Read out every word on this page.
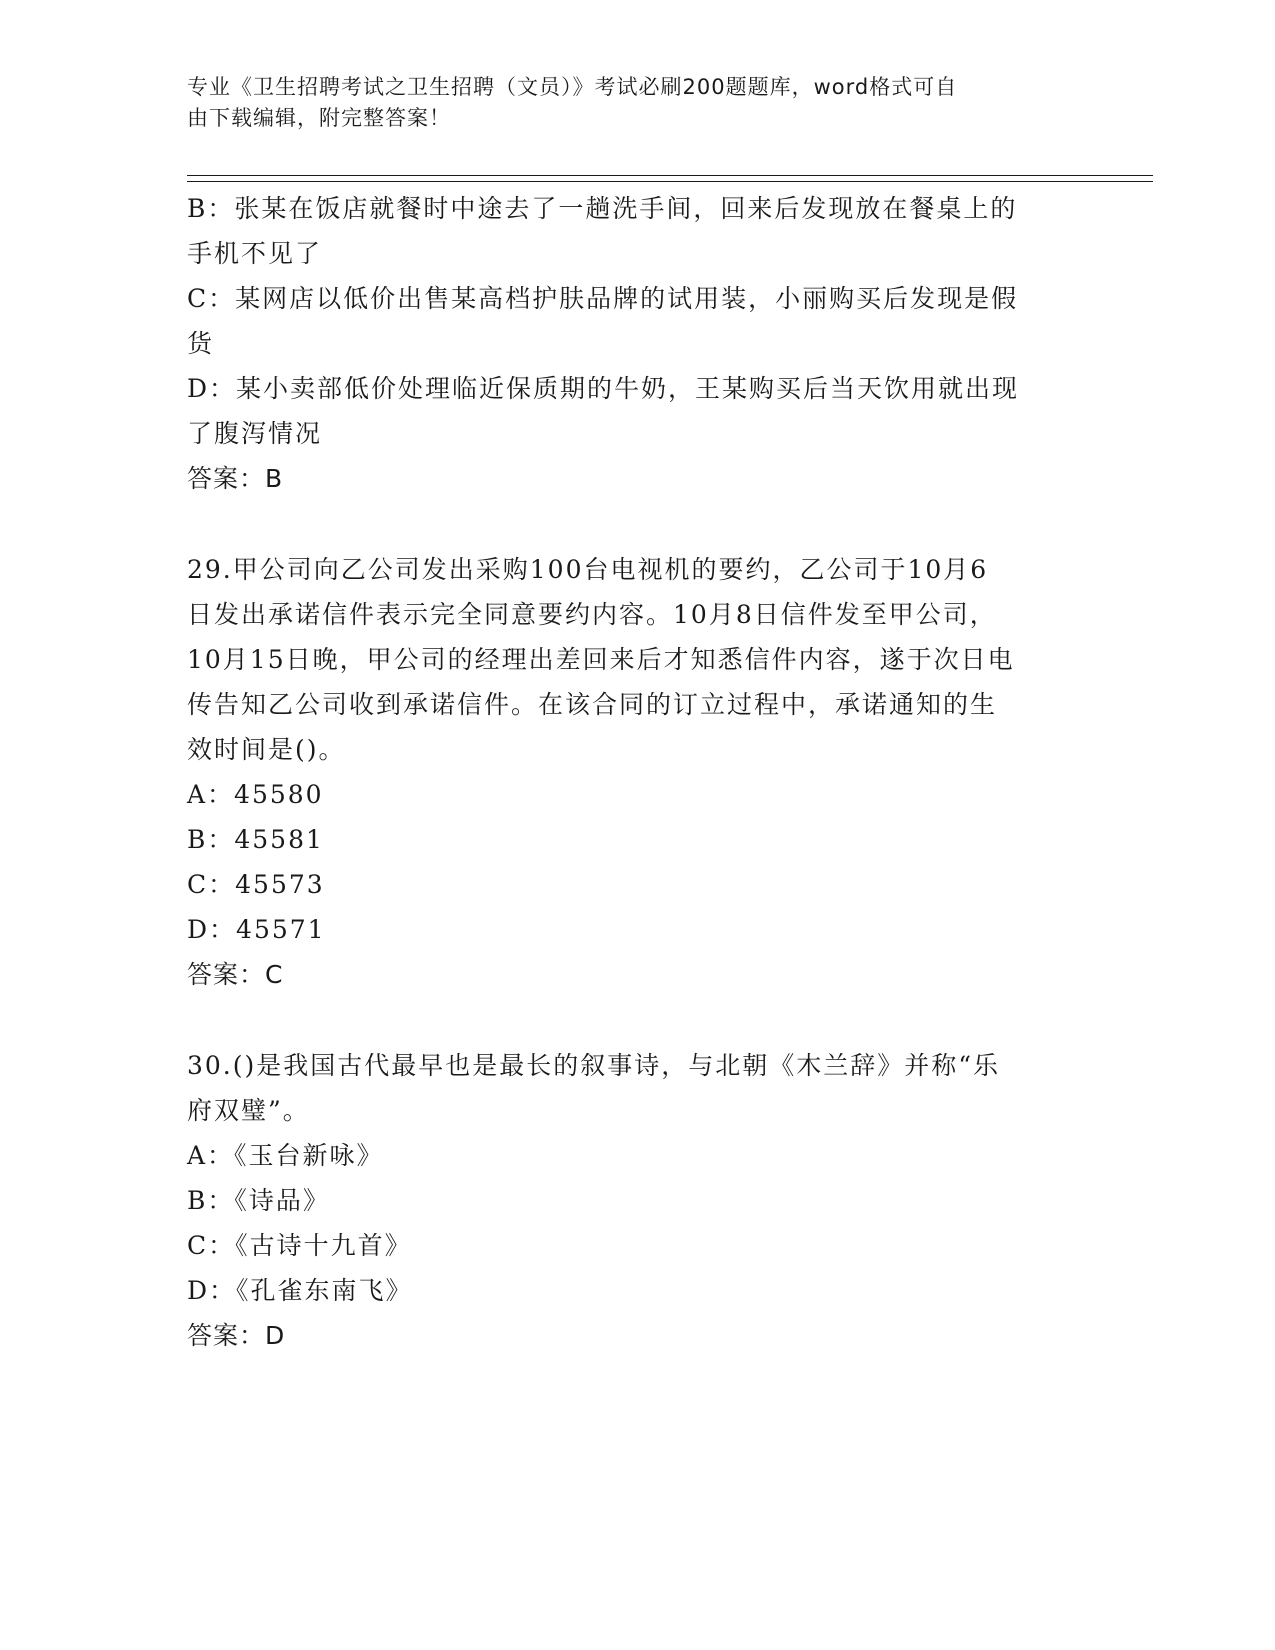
专业《卫生招聘考试之卫生招聘（文员）》考试必刷200题题库，word格式可自
由下载编辑，附完整答案！
B：张某在饭店就餐时中途去了一趟洗手间，回来后发现放在餐桌上的
手机不见了
C：某网店以低价出售某高档护肤品牌的试用装，小丽购买后发现是假
货
D：某小卖部低价处理临近保质期的牛奶，王某购买后当天饮用就出现
了腹泻情况
答案：B
29.甲公司向乙公司发出采购100台电视机的要约，乙公司于10月6
日发出承诺信件表示完全同意要约内容。10月8日信件发至甲公司，
10月15日晚，甲公司的经理出差回来后才知悉信件内容，遂于次日电
传告知乙公司收到承诺信件。在该合同的订立过程中，承诺通知的生
效时间是()。
A：45580
B：45581
C：45573
D：45571
答案：C
30.()是我国古代最早也是最长的叙事诗，与北朝《木兰辞》并称“乐
府双璧”。
A：《玉台新咏》
B：《诗品》
C：《古诗十九首》
D：《孔雀东南飞》
答案：D
